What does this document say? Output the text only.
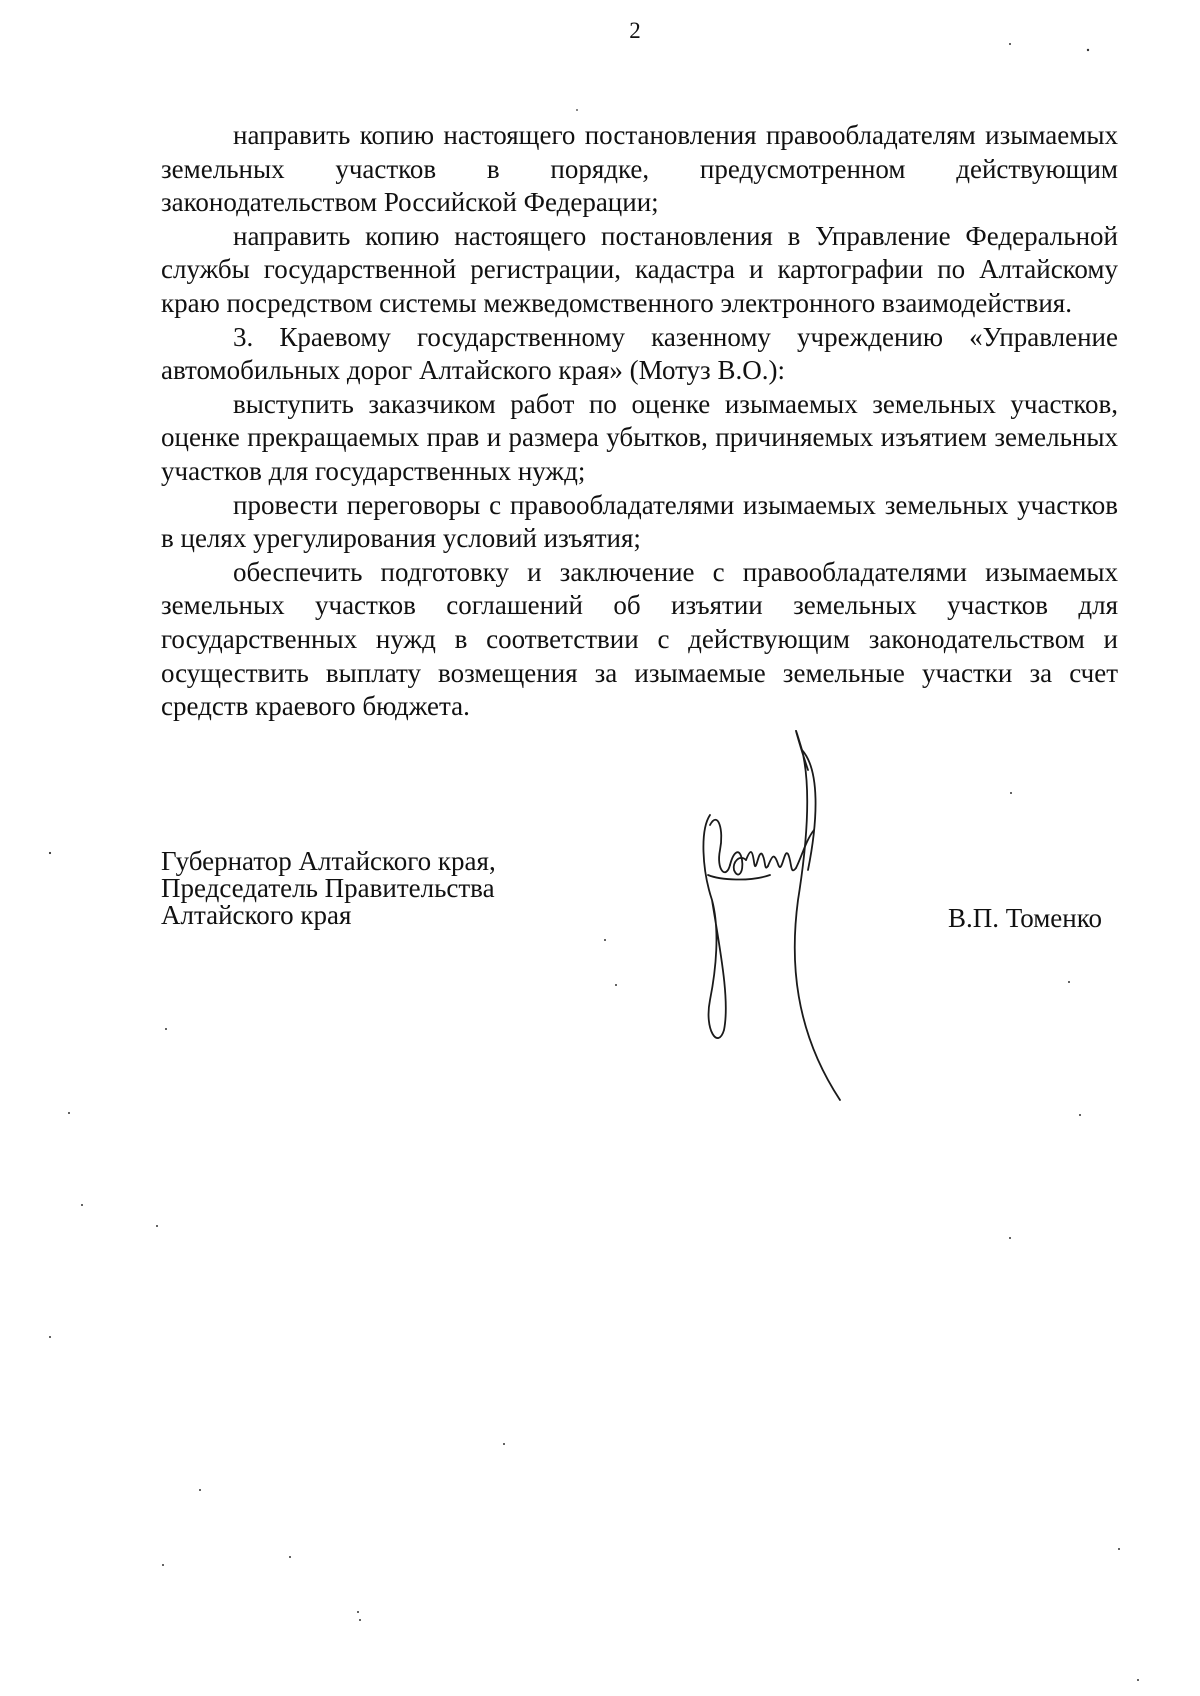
2

направить копию настоящего постановления правообладателям изымаемых земельных участков в порядке, предусмотренном действующим законодательством Российской Федерации;

направить копию настоящего постановления в Управление Федеральной службы государственной регистрации, кадастра и картографии по Алтайскому краю посредством системы межведомственного электронного взаимодействия.

3. Краевому государственному казенному учреждению «Управление автомобильных дорог Алтайского края» (Мотуз В.О.):

выступить заказчиком работ по оценке изымаемых земельных участков, оценке прекращаемых прав и размера убытков, причиняемых изъятием земельных участков для государственных нужд;

провести переговоры с правообладателями изымаемых земельных участков в целях урегулирования условий изъятия;

обеспечить подготовку и заключение с правообладателями изымаемых земельных участков соглашений об изъятии земельных участков для государственных нужд в соответствии с действующим законодательством и осуществить выплату возмещения за изымаемые земельные участки за счет средств краевого бюджета.

Губернатор Алтайского края,
Председатель Правительства
Алтайского края	В.П. Томенко
